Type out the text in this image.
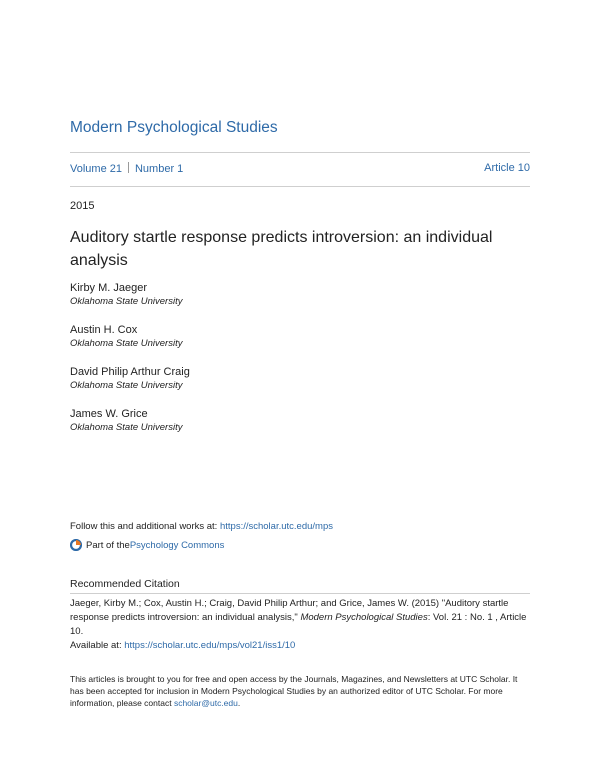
Modern Psychological Studies
Volume 21 Number 1	Article 10
2015
Auditory startle response predicts introversion: an individual analysis
Kirby M. Jaeger
Oklahoma State University
Austin H. Cox
Oklahoma State University
David Philip Arthur Craig
Oklahoma State University
James W. Grice
Oklahoma State University
Follow this and additional works at: https://scholar.utc.edu/mps
Part of the Psychology Commons
Recommended Citation
Jaeger, Kirby M.; Cox, Austin H.; Craig, David Philip Arthur; and Grice, James W. (2015) "Auditory startle response predicts introversion: an individual analysis," Modern Psychological Studies: Vol. 21 : No. 1 , Article 10.
Available at: https://scholar.utc.edu/mps/vol21/iss1/10
This articles is brought to you for free and open access by the Journals, Magazines, and Newsletters at UTC Scholar. It has been accepted for inclusion in Modern Psychological Studies by an authorized editor of UTC Scholar. For more information, please contact scholar@utc.edu.
